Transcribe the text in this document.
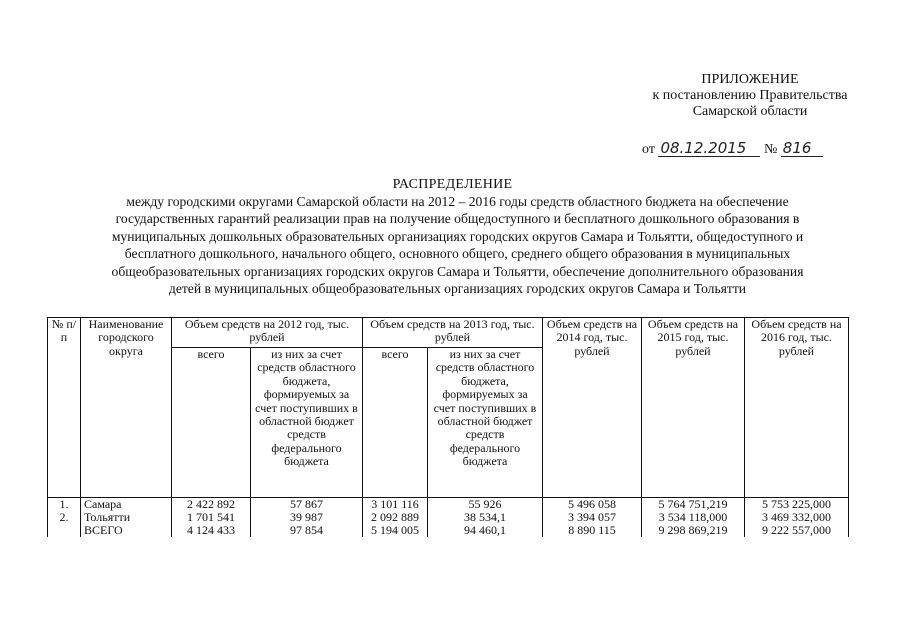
ПРИЛОЖЕНИЕ
к постановлению Правительства
Самарской области
от 08.12.2015 № 816
РАСПРЕДЕЛЕНИЕ
между городскими округами Самарской области на 2012 – 2016 годы средств областного бюджета на обеспечение
государственных гарантий реализации прав на получение общедоступного и бесплатного дошкольного образования в
муниципальных дошкольных образовательных организациях городских округов Самара и Тольятти, общедоступного и
бесплатного дошкольного, начального общего, основного общего, среднего общего образования в муниципальных
общеобразовательных организациях городских округов Самара и Тольятти, обеспечение дополнительного образования
детей в муниципальных общеобразовательных организациях городских округов Самара и Тольятти
№ п/п	Наименование городского округа	Объем средств на 2012 год, тыс. рублей		Объем средств на 2013 год, тыс. рублей		Объем средств на 2014 год, тыс. рублей	Объем средств на 2015 год, тыс. рублей	Объем средств на 2016 год, тыс. рублей
		всего	из них за счет средств областного бюджета, формируемых за счет поступивших в областной бюджет средств федерального бюджета	всего	из них за счет средств областного бюджета, формируемых за счет поступивших в областной бюджет средств федерального бюджета			
1.	Самара	2 422 892	57 867	3 101 116	55 926	5 496 058	5 764 751,219	5 753 225,000
2.	Тольятти	1 701 541	39 987	2 092 889	38 534,1	3 394 057	3 534 118,000	3 469 332,000
	ВСЕГО	4 124 433	97 854	5 194 005	94 460,1	8 890 115	9 298 869,219	9 222 557,000
